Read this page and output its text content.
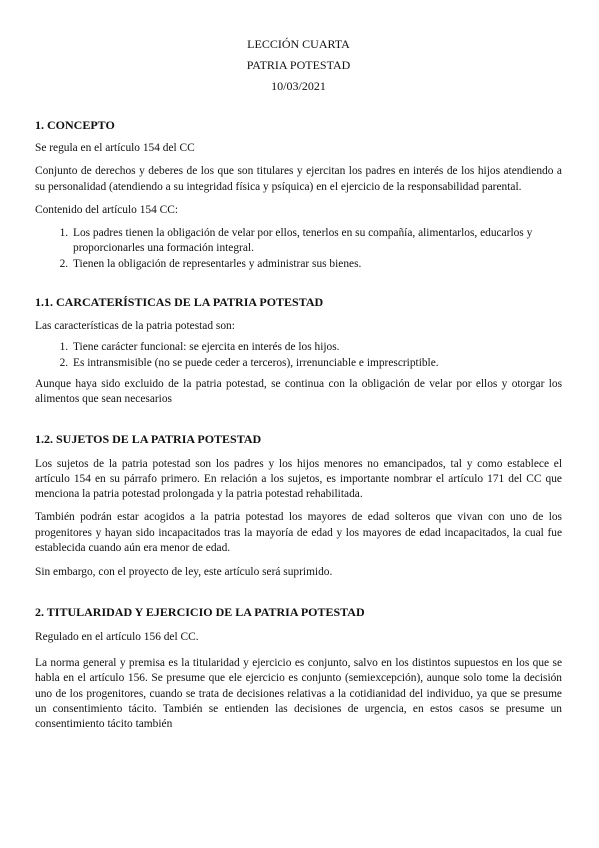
LECCIÓN CUARTA
PATRIA POTESTAD
10/03/2021
1. CONCEPTO

Se regula en el artículo 154 del CC

Conjunto de derechos y deberes de los que son titulares y ejercitan los padres en interés de los hijos atendiendo a su personalidad (atendiendo a su integridad física y psíquica) en el ejercicio de la responsabilidad parental.

Contenido del artículo 154 CC:

1. Los padres tienen la obligación de velar por ellos, tenerlos en su compañía, alimentarlos, educarlos y proporcionarles una formación integral.
2. Tienen la obligación de representarles y administrar sus bienes.
1.1. CARCATERÍSTICAS DE LA PATRIA POTESTAD

Las características de la patria potestad son:

1. Tiene carácter funcional: se ejercita en interés de los hijos.
2. Es intransmisible (no se puede ceder a terceros), irrenunciable e imprescriptible.

Aunque haya sido excluido de la patria potestad, se continua con la obligación de velar por ellos y otorgar los alimentos que sean necesarios

1.2. SUJETOS DE LA PATRIA POTESTAD

Los sujetos de la patria potestad son los padres y los hijos menores no emancipados, tal y como establece el artículo 154 en su párrafo primero. En relación a los sujetos, es importante nombrar el artículo 171 del CC que menciona la patria potestad prolongada y la patria potestad rehabilitada.

También podrán estar acogidos a la patria potestad los mayores de edad solteros que vivan con uno de los progenitores y hayan sido incapacitados tras la mayoría de edad y los mayores de edad incapacitados, la cual fue establecida cuando aún era menor de edad.

Sin embargo, con el proyecto de ley, este artículo será suprimido.

2. TITULARIDAD Y EJERCICIO DE LA PATRIA POTESTAD

Regulado en el artículo 156 del CC.

La norma general y premisa es la titularidad y ejercicio es conjunto, salvo en los distintos supuestos en los que se habla en el artículo 156. Se presume que ele ejercicio es conjunto (semiexcepción), aunque solo tome la decisión uno de los progenitores, cuando se trata de decisiones relativas a la cotidianidad del individuo, ya que se presume un consentimiento tácito. También se entienden las decisiones de urgencia, en estos casos se presume un consentimiento tácito también
